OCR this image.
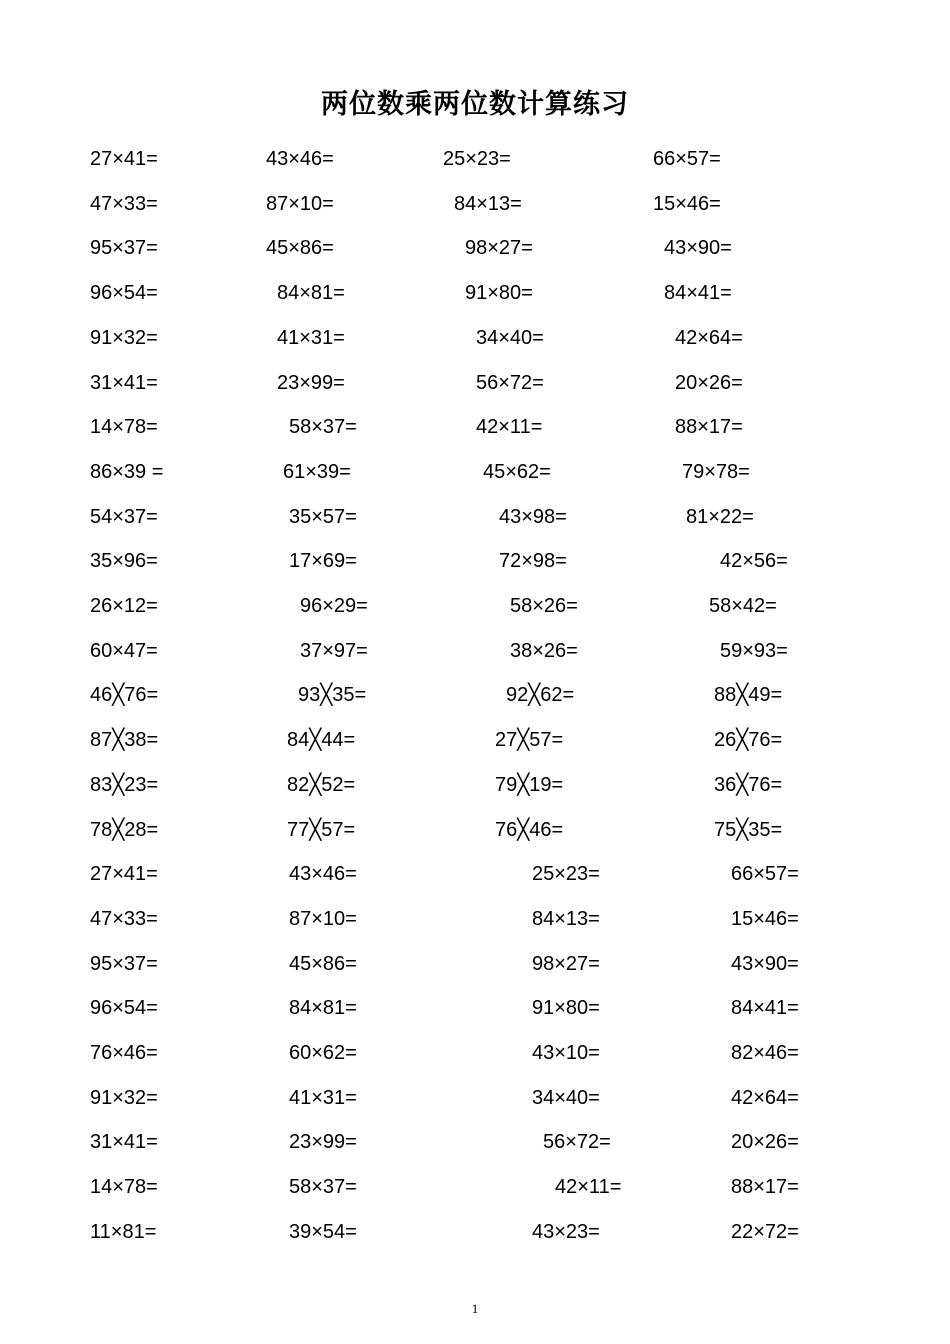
两位数乘两位数计算练习
27×41=	43×46=	25×23=	66×57=
47×33=	87×10=	84×13=	15×46=
95×37=	45×86=	98×27=	43×90=
96×54=	84×81=	91×80=	84×41=
91×32=	41×31=	34×40=	42×64=
31×41=	23×99=	56×72=	20×26=
14×78=	58×37=	42×11=	88×17=
86×39 =	61×39=	45×62=	79×78=
54×37=	35×57=	43×98=	81×22=
35×96=	17×69=	72×98=	42×56=
26×12=	96×29=	58×26=	58×42=
60×47=	37×97=	38×26=	59×93=
46╳76=	93╳35=	92╳62=	88╳49=
87╳38=	84╳44=	27╳57=	26╳76=
83╳23=	82╳52=	79╳19=	36╳76=
78╳28=	77╳57=	76╳46=	75╳35=
27×41=	43×46=	25×23=	66×57=
47×33=	87×10=	84×13=	15×46=
95×37=	45×86=	98×27=	43×90=
96×54=	84×81=	91×80=	84×41=
76×46=	60×62=	43×10=	82×46=
91×32=	41×31=	34×40=	42×64=
31×41=	23×99=	56×72=	20×26=
14×78=	58×37=	42×11=	88×17=
11×81=	39×54=	43×23=	22×72=
1
